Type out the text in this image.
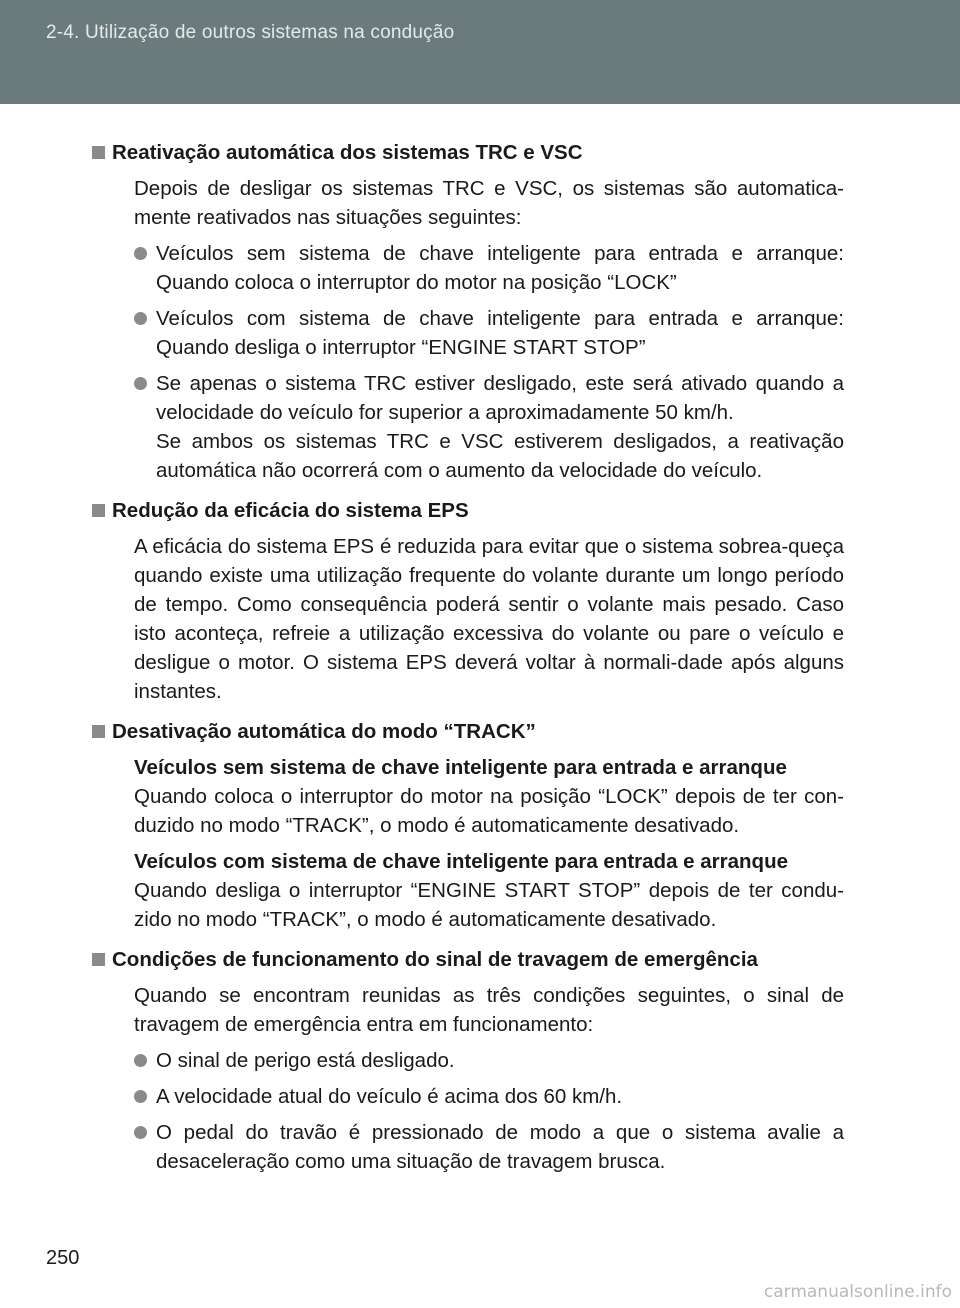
2-4. Utilização de outros sistemas na condução
Reativação automática dos sistemas TRC e VSC
Depois de desligar os sistemas TRC e VSC, os sistemas são automatica-mente reativados nas situações seguintes:
Veículos sem sistema de chave inteligente para entrada e arranque: Quando coloca o interruptor do motor na posição “LOCK”
Veículos com sistema de chave inteligente para entrada e arranque: Quando desliga o interruptor “ENGINE START STOP”
Se apenas o sistema TRC estiver desligado, este será ativado quando a velocidade do veículo for superior a aproximadamente 50 km/h.
Se ambos os sistemas TRC e VSC estiverem desligados, a reativação automática não ocorrerá com o aumento da velocidade do veículo.
Redução da eficácia do sistema EPS
A eficácia do sistema EPS é reduzida para evitar que o sistema sobrea-queça quando existe uma utilização frequente do volante durante um longo período de tempo. Como consequência poderá sentir o volante mais pesado. Caso isto aconteça, refreie a utilização excessiva do volante ou pare o veículo e desligue o motor. O sistema EPS deverá voltar à normali-dade após alguns instantes.
Desativação automática do modo “TRACK”
Veículos sem sistema de chave inteligente para entrada e arranque
Quando coloca o interruptor do motor na posição “LOCK” depois de ter con-duzido no modo “TRACK”, o modo é automaticamente desativado.
Veículos com sistema de chave inteligente para entrada e arranque
Quando desliga o interruptor “ENGINE START STOP” depois de ter condu-zido no modo “TRACK”, o modo é automaticamente desativado.
Condições de funcionamento do sinal de travagem de emergência
Quando se encontram reunidas as três condições seguintes, o sinal de travagem de emergência entra em funcionamento:
O sinal de perigo está desligado.
A velocidade atual do veículo é acima dos 60 km/h.
O pedal do travão é pressionado de modo a que o sistema avalie a desaceleração como uma situação de travagem brusca.
250
carmanualsonline.info
